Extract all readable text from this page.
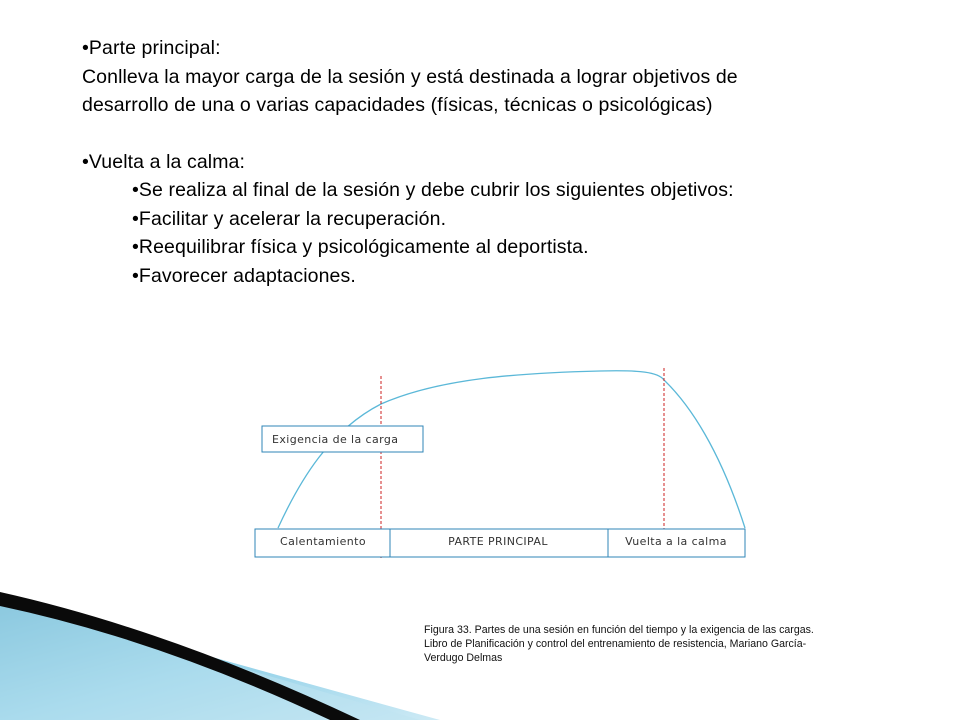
•Parte principal:
Conlleva la mayor carga de la sesión y está destinada a lograr objetivos de
desarrollo de una o varias capacidades (físicas, técnicas o psicológicas)
•Vuelta a la calma:
•Se realiza al final de la sesión y debe cubrir los siguientes objetivos:
•Facilitar y acelerar la recuperación.
•Reequilibrar física y psicológicamente al deportista.
•Favorecer adaptaciones.
Exigencia de la carga
Calentamiento	PARTE PRINCIPAL	Vuelta a la calma
Figura 33. Partes de una sesión en función del tiempo y la exigencia de las cargas.
Libro de Planificación y control del entrenamiento de resistencia, Mariano García-
Verdugo Delmas
